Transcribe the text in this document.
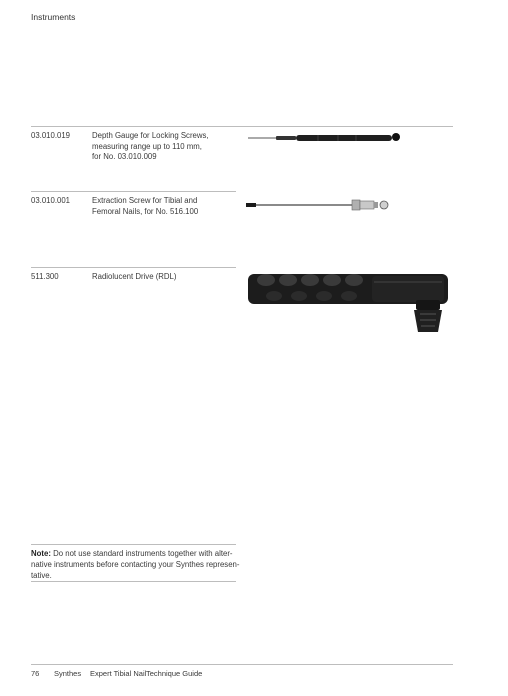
Instruments
03.010.019	Depth Gauge for Locking Screws,
measuring range up to 110 mm,
for No. 03.010.009
03.010.001	Extraction Screw for Tibial and
Femoral Nails, for No. 516.100
511.300	Radiolucent Drive (RDL)
Note: Do not use standard instruments together with alter-native instruments before contacting your Synthes represen-tative.
76 Synthes Expert Tibial Nail Technique Guide
